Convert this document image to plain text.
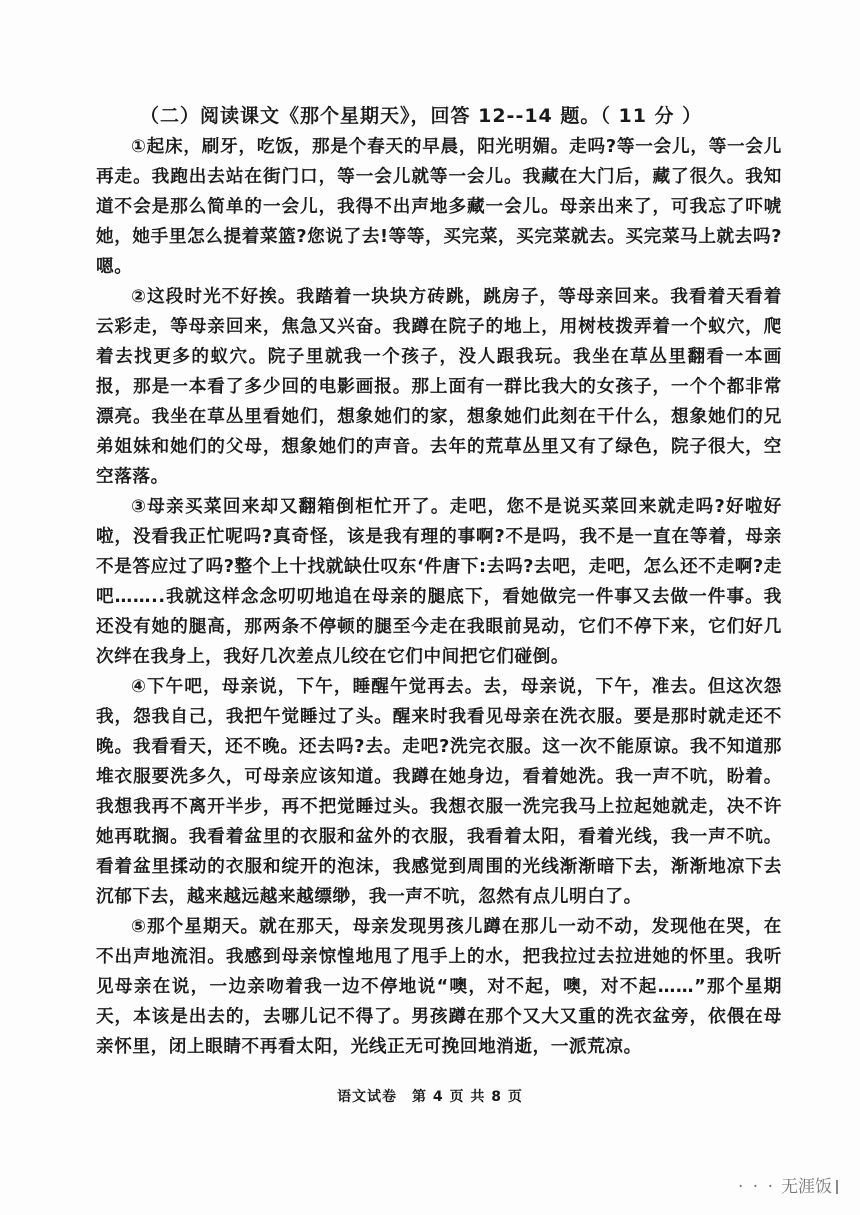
（二）阅读课文《那个星期天》，回答 12--14 题。（ 11 分 ）

①起床，刷牙，吃饭，那是个春天的早晨，阳光明媚。走吗?等一会儿，等一会儿再走。我跑出去站在街门口，等一会儿就等一会儿。我藏在大门后，藏了很久。我知道不会是那么简单的一会儿，我得不出声地多藏一会儿。母亲出来了，可我忘了吓唬她，她手里怎么提着菜篮?您说了去!等等，买完菜，买完菜就去。买完菜马上就去吗?嗯。

②这段时光不好挨。我踏着一块块方砖跳，跳房子，等母亲回来。我看着天看着云彩走，等母亲回来，焦急又兴奋。我蹲在院子的地上，用树枝拨弄着一个蚁穴，爬着去找更多的蚁穴。院子里就我一个孩子，没人跟我玩。我坐在草丛里翻看一本画报，那是一本看了多少回的电影画报。那上面有一群比我大的女孩子，一个个都非常漂亮。我坐在草丛里看她们，想象她们的家，想象她们此刻在干什么，想象她们的兄弟姐妹和她们的父母，想象她们的声音。去年的荒草丛里又有了绿色，院子很大，空空落落。

③母亲买菜回来却又翻箱倒柜忙开了。走吧，您不是说买菜回来就走吗?好啦好啦，没看我正忙呢吗?真奇怪，该是我有理的事啊?不是吗，我不是一直在等着，母亲不是答应过了吗?整个上十找就缺仕叹东‘件唐下:去吗?去吧，走吧，怎么还不走啊?走吧……..我就这样念念叨叨地追在母亲的腿底下，看她做完一件事又去做一件事。我还没有她的腿高，那两条不停顿的腿至今走在我眼前晃动，它们不停下来，它们好几次绊在我身上，我好几次差点儿绞在它们中间把它们碰倒。

④下午吧，母亲说，下午，睡醒午觉再去。去，母亲说，下午，准去。但这次怨我，怨我自己，我把午觉睡过了头。醒来时我看见母亲在洗衣服。要是那时就走还不晚。我看看天，还不晚。还去吗?去。走吧?洗完衣服。这一次不能原谅。我不知道那堆衣服要洗多久，可母亲应该知道。我蹲在她身边，看着她洗。我一声不吭，盼着。我想我再不离开半步，再不把觉睡过头。我想衣服一洗完我马上拉起她就走，决不许她再耽搁。我看着盆里的衣服和盆外的衣服，我看着太阳，看着光线，我一声不吭。看着盆里揉动的衣服和绽开的泡沫，我感觉到周围的光线渐渐暗下去，渐渐地凉下去沉郁下去，越来越远越来越缥缈，我一声不吭，忽然有点儿明白了。

⑤那个星期天。就在那天，母亲发现男孩儿蹲在那儿一动不动，发现他在哭，在不出声地流泪。我感到母亲惊惶地甩了甩手上的水，把我拉过去拉进她的怀里。我听见母亲在说，一边亲吻着我一边不停地说“噢，对不起，噢，对不起……”那个星期天，本该是出去的，去哪儿记不得了。男孩蹲在那个又大又重的洗衣盆旁，依偎在母亲怀里，闭上眼睛不再看太阳，光线正无可挽回地消逝，一派荒凉。

语文试卷　第 4 页 共 8 页
· · · 无涯饭
